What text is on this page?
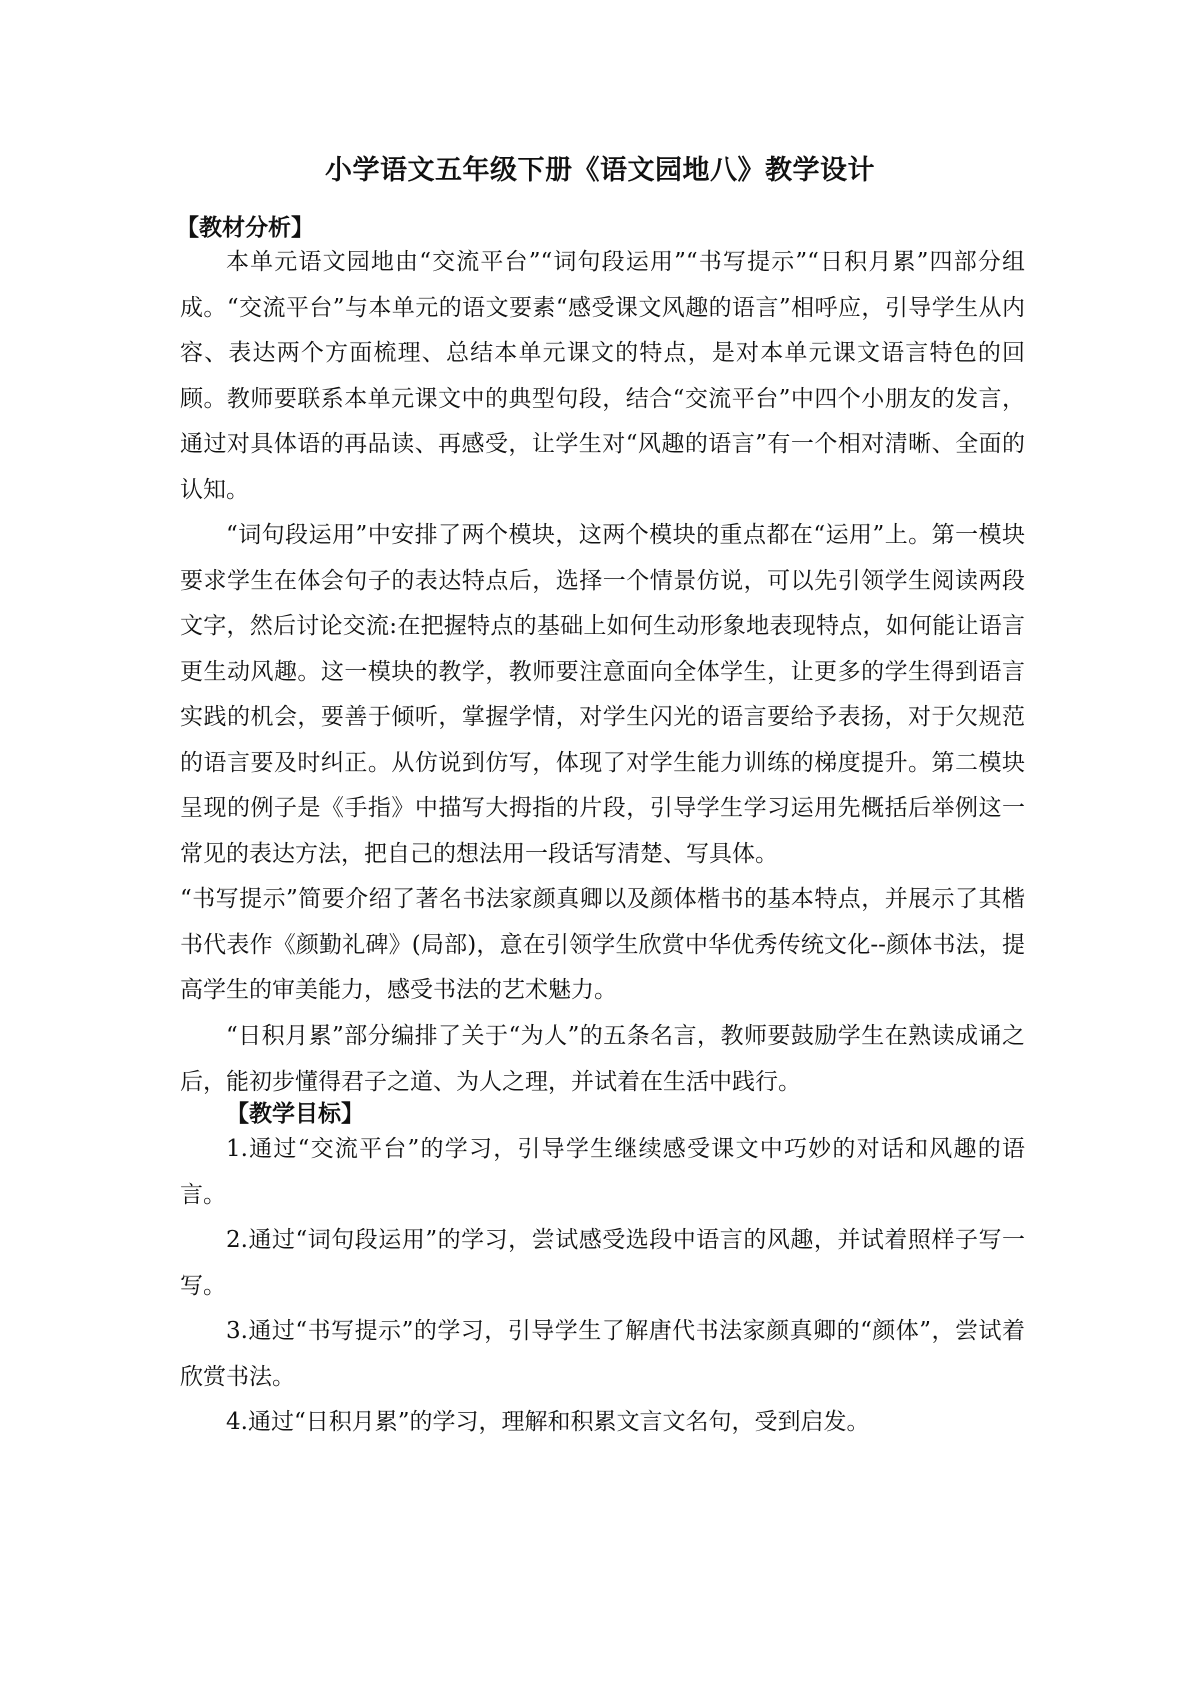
小学语文五年级下册《语文园地八》教学设计
【教材分析】

本单元语文园地由“交流平台”“词句段运用”“书写提示”“日积月累”四部分组成。“交流平台”与本单元的语文要素“感受课文风趣的语言”相呼应，引导学生从内容、表达两个方面梳理、总结本单元课文的特点，是对本单元课文语言特色的回顾。教师要联系本单元课文中的典型句段，结合“交流平台”中四个小朋友的发言，通过对具体语的再品读、再感受，让学生对“风趣的语言”有一个相对清晰、全面的认知。

“词句段运用”中安排了两个模块，这两个模块的重点都在“运用”上。第一模块要求学生在体会句子的表达特点后，选择一个情景仿说，可以先引领学生阅读两段文字，然后讨论交流:在把握特点的基础上如何生动形象地表现特点，如何能让语言更生动风趣。这一模块的教学，教师要注意面向全体学生，让更多的学生得到语言实践的机会，要善于倾听，掌握学情，对学生闪光的语言要给予表扬，对于欠规范的语言要及时纠正。从仿说到仿写，体现了对学生能力训练的梯度提升。第二模块呈现的例子是《手指》中描写大拇指的片段，引导学生学习运用先概括后举例这一常见的表达方法，把自己的想法用一段话写清楚、写具体。

“书写提示”简要介绍了著名书法家颜真卿以及颜体楷书的基本特点，并展示了其楷书代表作《颜勤礼碑》(局部)，意在引领学生欣赏中华优秀传统文化--颜体书法，提高学生的审美能力，感受书法的艺术魅力。

“日积月累”部分编排了关于“为人”的五条名言，教师要鼓励学生在熟读成诵之后，能初步懂得君子之道、为人之理，并试着在生活中践行。

【教学目标】

1.通过“交流平台”的学习，引导学生继续感受课文中巧妙的对话和风趣的语言。

2.通过“词句段运用”的学习，尝试感受选段中语言的风趣，并试着照样子写一写。

3.通过“书写提示”的学习，引导学生了解唐代书法家颜真卿的“颜体”，尝试着欣赏书法。

4.通过“日积月累”的学习，理解和积累文言文名句，受到启发。
